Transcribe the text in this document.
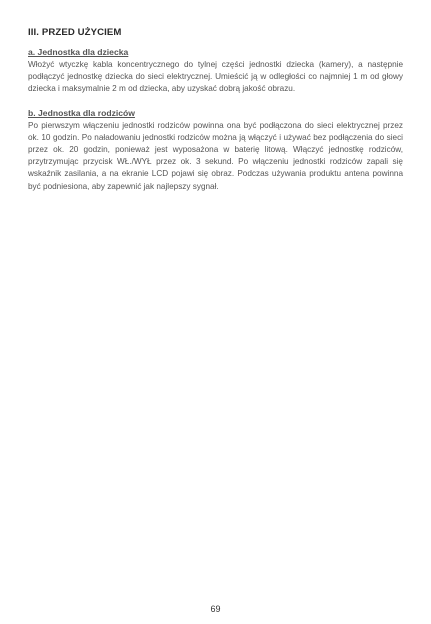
III. PRZED UŻYCIEM
a. Jednostka dla dziecka

Włożyć wtyczkę kabla koncentrycznego do tylnej części jednostki dziecka (kamery), a następnie podłączyć jednostkę dziecka do sieci elektrycznej. Umieścić ją w odległości co najmniej 1 m od głowy dziecka i maksymalnie 2 m od dziecka, aby uzyskać dobrą jakość obrazu.

b. Jednostka dla rodziców

Po pierwszym włączeniu jednostki rodziców powinna ona być podłączona do sieci elektrycznej przez ok. 10 godzin. Po naładowaniu jednostki rodziców można ją włączyć i używać bez podłączenia do sieci przez ok. 20 godzin, ponieważ jest wyposażona w baterię litową. Włączyć jednostkę rodziców, przytrzymując przycisk WŁ./WYŁ przez ok. 3 sekund. Po włączeniu jednostki rodziców zapali się wskaźnik zasilania, a na ekranie LCD pojawi się obraz. Podczas używania produktu antena powinna być podniesiona, aby zapewnić jak najlepszy sygnał.

69
